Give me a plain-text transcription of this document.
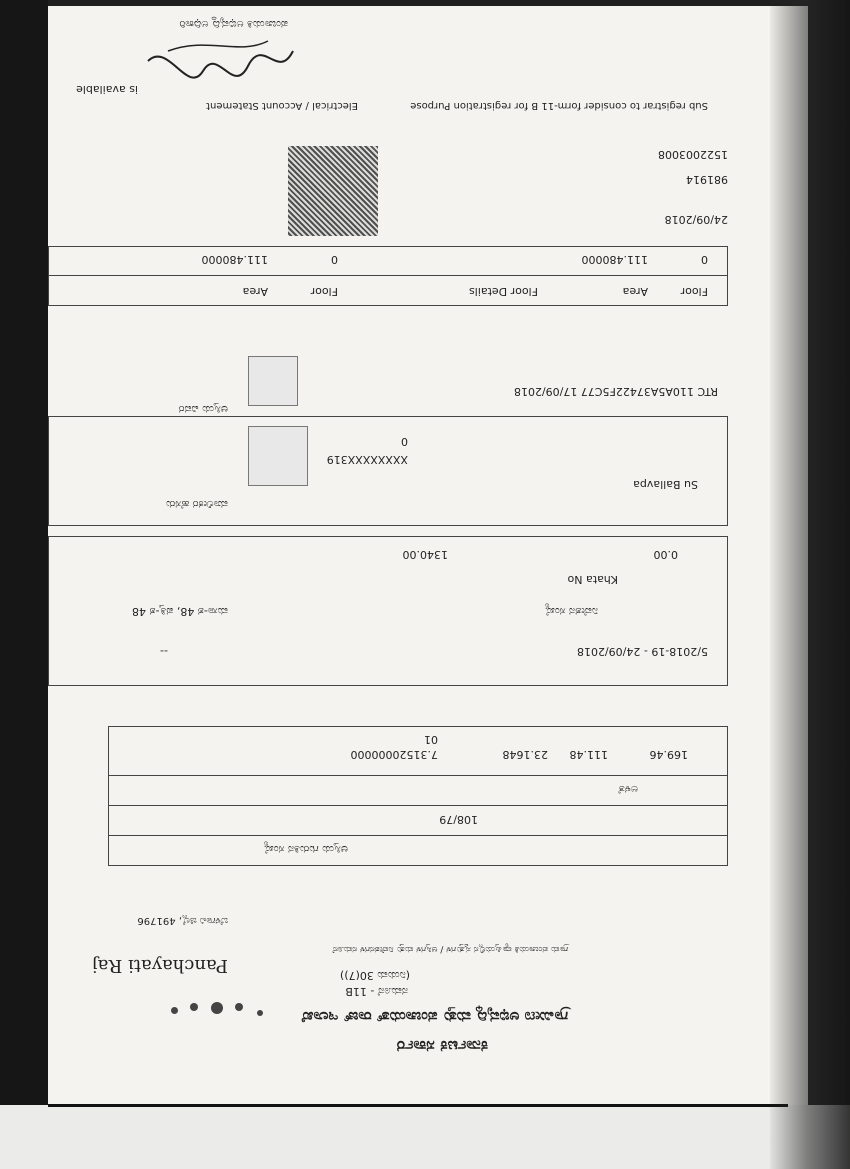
ಕರ್ನಾಟಕ ಸರ್ಕಾರ
ಗ್ರಾಮೀಣ ಅಭಿವೃದ್ಧಿ ಮತ್ತು ಪಂಚಾಯತ್ ರಾಜ್ ಇಲಾಖೆ
ನಮೂನೆ - 11B
(ನಿಯಮ 30(7))
Panchayati Raj
ಗ್ರಾಮ ಪಂಚಾಯತಿ ವ್ಯಾಪ್ತಿಯಲ್ಲಿನ ಸ್ವತ್ತುಗಳ / ಆಸ್ತಿಗಳ ಮತ್ತು ನಿವೇಶನಗಳ ನಮೂನೆ
ಬೆಳಗಾವಿ ಜಿಲ್ಲೆ, 491796
ಆಸ್ತಿಯ ಗುರುತಿನ ಸಂಖ್ಯೆ
108/79
ಅಳತೆ
169.46
111.48
23.1648
7.31520000000
01
5/2018-19 - 24/09/2018
--
ನಿವೇಶನ ಸಂಖ್ಯೆ
ಮಸಾ-ಶ 48, ಪತ್ತಿ-ಶ 48
Khata No
0.00
1340.00
Su Ballavpa
ಮಾಲೀಕರ ಹೆಸರು
XXXXXXXX319
0
RTC 110A5A37422F5C77 17/09/2018
ಆಸ್ತಿಯ ವಿವರ
Floor
Area
Floor Details
Floor
Area
0
111.480000
0
111.480000
24/09/2018
981914
1522003008
is available
Sub registrar to consider form-11 B for registration Purpose
Electrical / Account Statement
ಪಂಚಾಯತಿ ಅಭಿವೃದ್ಧಿ ಅಧಿಕಾರಿ
